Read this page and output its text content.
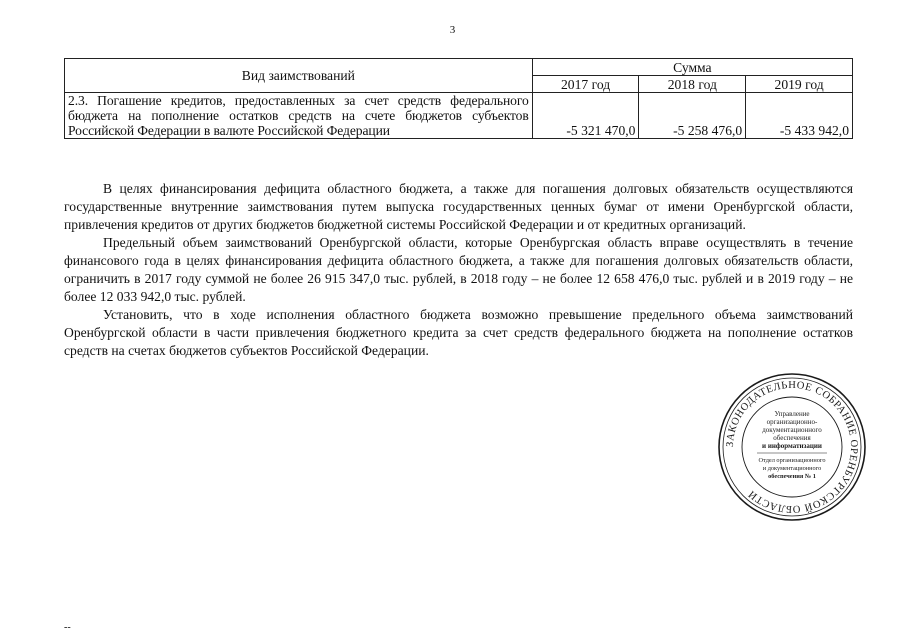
3
Вид заимствований	Сумма		
	2017 год	2018 год	2019 год
2.3. Погашение кредитов, предоставленных за счет средств федерального бюджета на пополнение остатков средств на счете бюджетов субъектов Российской Федерации в валюте Российской Федерации	-5 321 470,0	-5 258 476,0	-5 433 942,0

В целях финансирования дефицита областного бюджета, а также для погашения долговых обязательств осуществляются государственные внутренние заимствования путем выпуска государственных ценных бумаг от имени Оренбургской области, привлечения кредитов от других бюджетов бюджетной системы Российской Федерации и от кредитных организаций.

Предельный объем заимствований Оренбургской области, которые Оренбургская область вправе осуществлять в течение финансового года в целях финансирования дефицита областного бюджета, а также для погашения долговых обязательств области, ограничить в 2017 году суммой не более 26 915 347,0 тыс. рублей, в 2018 году – не более 12 658 476,0 тыс. рублей и в 2019 году – не более 12 033 942,0 тыс. рублей.

Установить, что в ходе исполнения областного бюджета возможно превышение предельного объема заимствований Оренбургской области в части привлечения бюджетного кредита за счет средств федерального бюджета на пополнение остатков средств на счетах бюджетов субъектов Российской Федерации.

ЗАКОНОДАТЕЛЬНОЕ СОБРАНИЕ ОРЕНБУРГСКОЙ ОБЛАСТИ
Управление
организационно-
документационного
обеспечения
и информатизации
Отдел организационного
и документационного
обеспечения № 1
--
